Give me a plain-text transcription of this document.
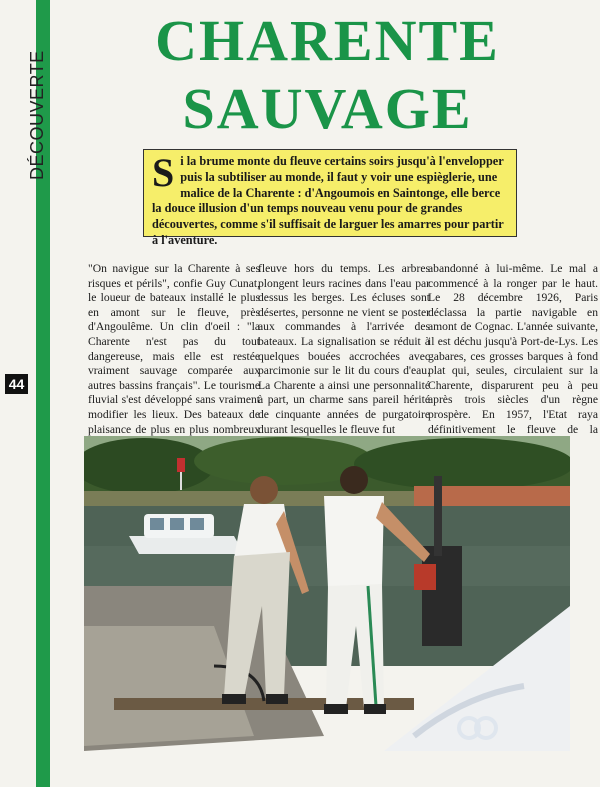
DÉCOUVERTE
44
CHARENTE
SAUVAGE
S i la brume monte du fleuve certains soirs jusqu'à l'envelopper puis la subtiliser au monde, il faut y voir une espièglerie, une malice de la Charente : d'Angoumois en Saintonge, elle berce la douce illusion d'un temps nouveau venu pour de grandes découvertes, comme s'il suffisait de larguer les amarres pour partir à l'aventure.
"On navigue sur la Charente à ses risques et périls", confie Guy Cunat, le loueur de bateaux installé le plus en amont sur le fleuve, près d'Angoulême. Un clin d'oeil : "la Charente n'est pas du tout dangereuse, mais elle est restée vraiment sauvage comparée aux autres bassins français". Le tourisme fluvial s'est développé sans vraiment modifier les lieux. Des bateaux de plaisance de plus en plus nombreux
fleuve hors du temps. Les arbres plongent leurs racines dans l'eau par dessus les berges. Les écluses sont désertes, personne ne vient se poster aux commandes à l'arrivée des bateaux. La signalisation se réduit à quelques bouées accrochées avec parcimonie sur le lit du cours d'eau. La Charente a ainsi une personnalité à part, un charme sans pareil hérité de cinquante années de purgatoire durant lesquelles le fleuve fut
abandonné à lui-même. Le mal a commencé à la ronger par le haut. Le 28 décembre 1926, Paris déclassa la partie navigable en amont de Cognac. L'année suivante, il est déchu jusqu'à Port-de-Lys. Les gabares, ces grosses barques à fond plat qui, seules, circulaient sur la Charente, disparurent peu à peu après trois siècles d'un règne prospère. En 1957, l'Etat raya définitivement le fleuve de la
